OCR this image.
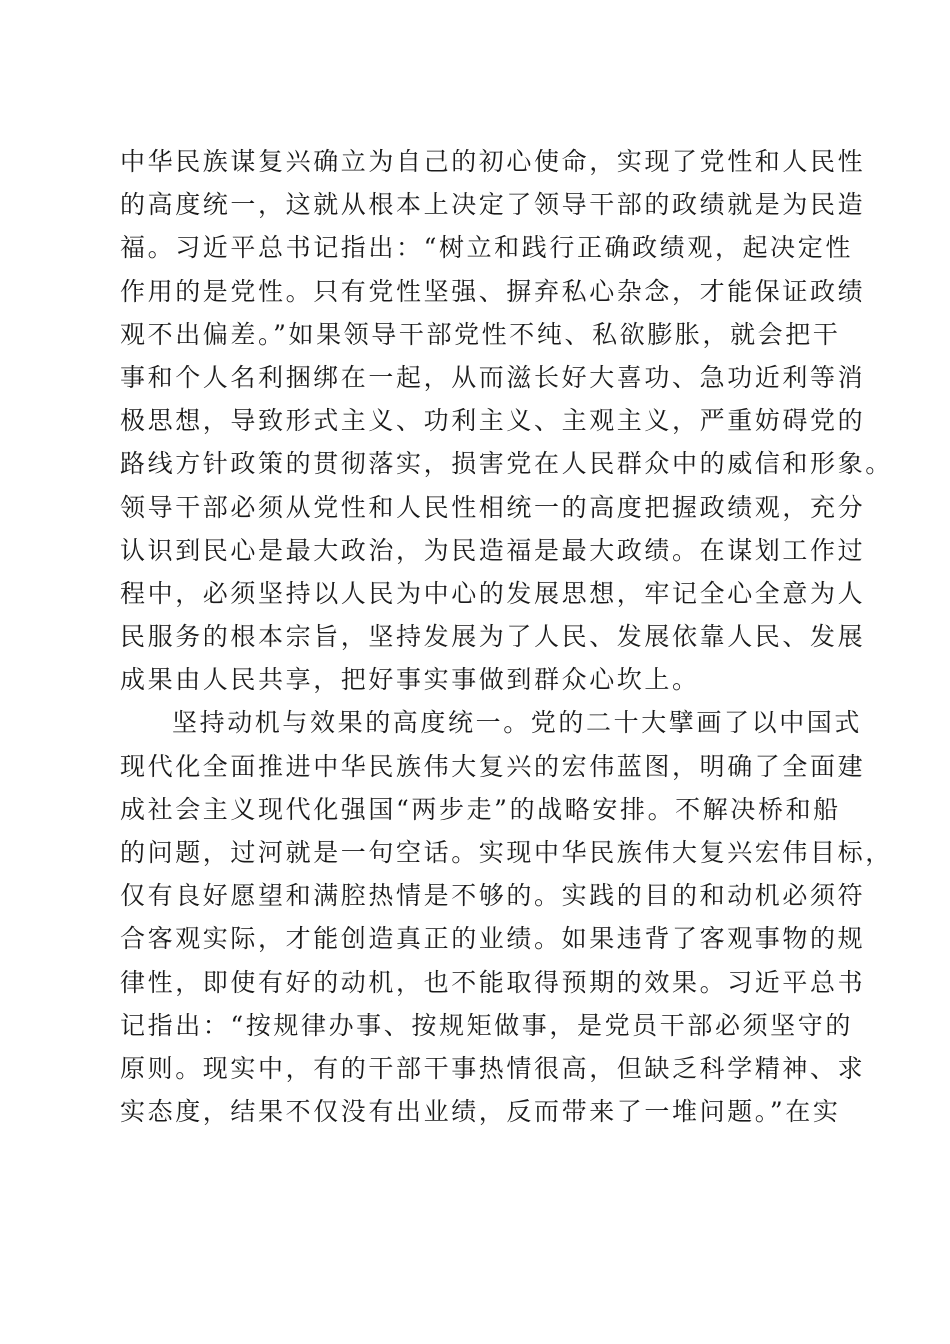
中华民族谋复兴确立为自己的初心使命，实现了党性和人民性
的高度统一，这就从根本上决定了领导干部的政绩就是为民造
福。习近平总书记指出：“树立和践行正确政绩观，起决定性
作用的是党性。只有党性坚强、摒弃私心杂念，才能保证政绩
观不出偏差。”如果领导干部党性不纯、私欲膨胀，就会把干
事和个人名利捆绑在一起，从而滋长好大喜功、急功近利等消
极思想，导致形式主义、功利主义、主观主义，严重妨碍党的
路线方针政策的贯彻落实，损害党在人民群众中的威信和形象。
领导干部必须从党性和人民性相统一的高度把握政绩观，充分
认识到民心是最大政治，为民造福是最大政绩。在谋划工作过
程中，必须坚持以人民为中心的发展思想，牢记全心全意为人
民服务的根本宗旨，坚持发展为了人民、发展依靠人民、发展
成果由人民共享，把好事实事做到群众心坎上。
坚持动机与效果的高度统一。党的二十大擘画了以中国式
现代化全面推进中华民族伟大复兴的宏伟蓝图，明确了全面建
成社会主义现代化强国“两步走”的战略安排。不解决桥和船
的问题，过河就是一句空话。实现中华民族伟大复兴宏伟目标，
仅有良好愿望和满腔热情是不够的。实践的目的和动机必须符
合客观实际，才能创造真正的业绩。如果违背了客观事物的规
律性，即使有好的动机，也不能取得预期的效果。习近平总书
记指出：“按规律办事、按规矩做事，是党员干部必须坚守的
原则。现实中，有的干部干事热情很高，但缺乏科学精神、求
实态度，结果不仅没有出业绩，反而带来了一堆问题。”在实
